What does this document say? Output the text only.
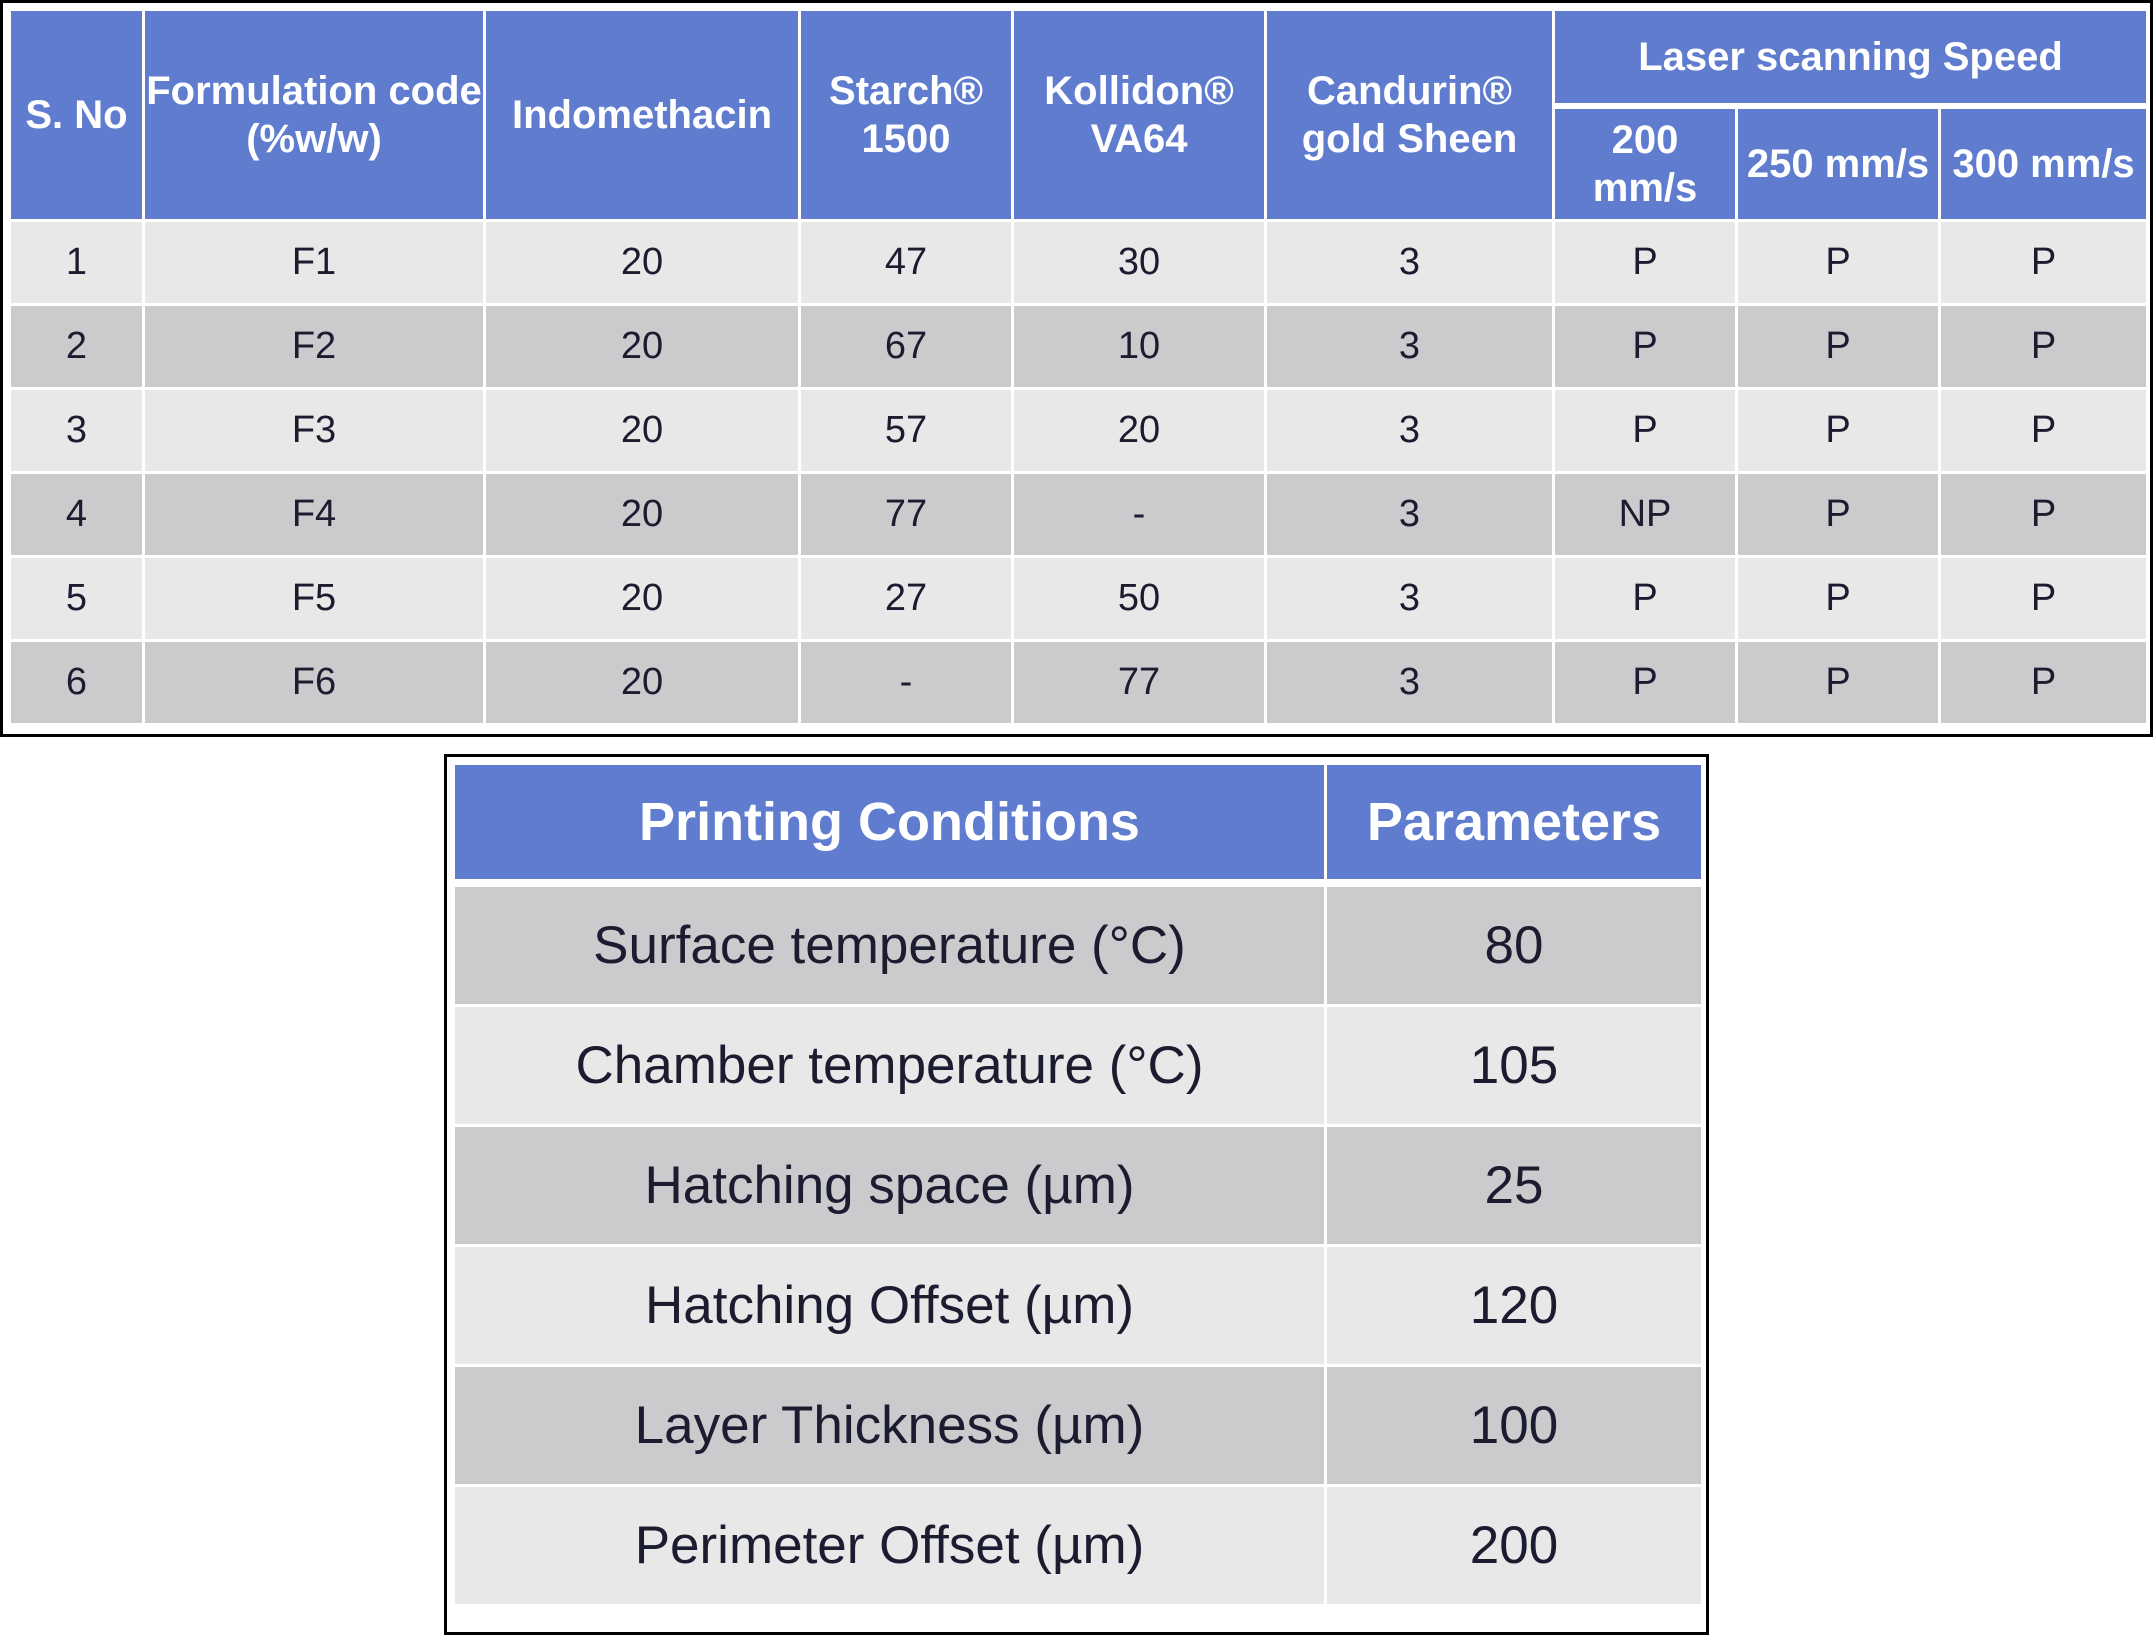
S. No	Formulation code (%w/w)	Indomethacin	Starch® 1500	Kollidon® VA64	Candurin® gold Sheen	Laser scanning Speed		
						200 mm/s	250 mm/s	300 mm/s
1	F1	20	47	30	3	P	P	P
2	F2	20	67	10	3	P	P	P
3	F3	20	57	20	3	P	P	P
4	F4	20	77	-	3	NP	P	P
5	F5	20	27	50	3	P	P	P
6	F6	20	-	77	3	P	P	P
Printing Conditions	Parameters
Surface temperature (°C)	80
Chamber temperature (°C)	105
Hatching space (µm)	25
Hatching Offset (µm)	120
Layer Thickness (µm)	100
Perimeter Offset (µm)	200
